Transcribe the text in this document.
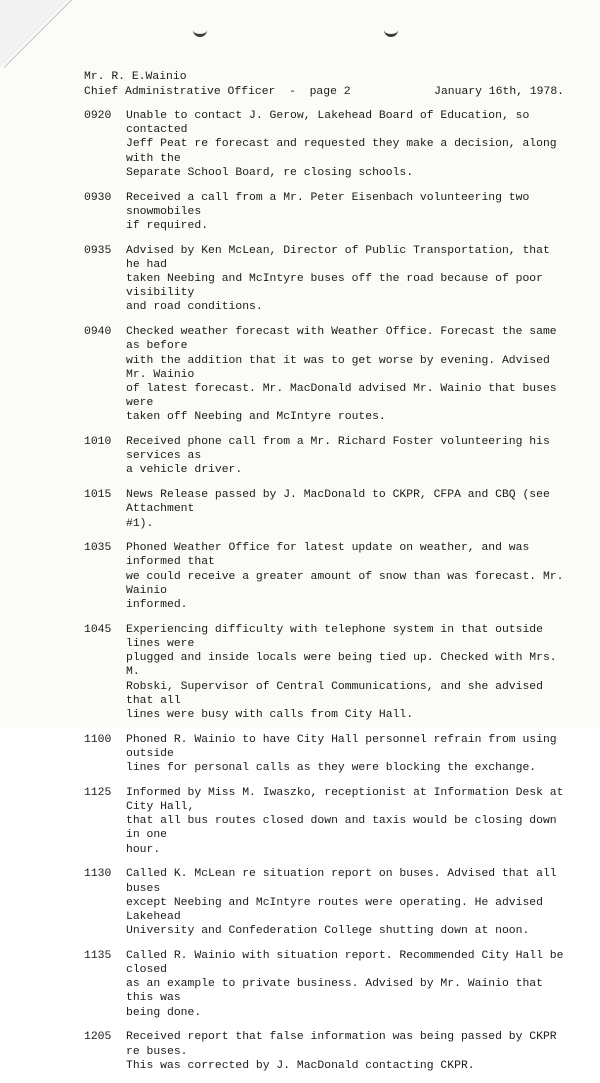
Mr. R. E.Wainio
Chief Administrative Officer  -  page 2	January 16th, 1978.
0920	Unable to contact J. Gerow, Lakehead Board of Education, so contacted
Jeff Peat re forecast and requested they make a decision, along with the
Separate School Board, re closing schools.
0930	Received a call from a Mr. Peter Eisenbach volunteering two snowmobiles
if required.
0935	Advised by Ken McLean, Director of Public Transportation, that he had
taken Neebing and McIntyre buses off the road because of poor visibility
and road conditions.
0940	Checked weather forecast with Weather Office. Forecast the same as before
with the addition that it was to get worse by evening. Advised Mr. Wainio
of latest forecast. Mr. MacDonald advised Mr. Wainio that buses were
taken off Neebing and McIntyre routes.
1010	Received phone call from a Mr. Richard Foster volunteering his services as
a vehicle driver.
1015	News Release passed by J. MacDonald to CKPR, CFPA and CBQ (see Attachment
#1).
1035	Phoned Weather Office for latest update on weather, and was informed that
we could receive a greater amount of snow than was forecast. Mr. Wainio
informed.
1045	Experiencing difficulty with telephone system in that outside lines were
plugged and inside locals were being tied up. Checked with Mrs. M.
Robski, Supervisor of Central Communications, and she advised that all
lines were busy with calls from City Hall.
1100	Phoned R. Wainio to have City Hall personnel refrain from using outside
lines for personal calls as they were blocking the exchange.
1125	Informed by Miss M. Iwaszko, receptionist at Information Desk at City Hall,
that all bus routes closed down and taxis would be closing down in one
hour.
1130	Called K. McLean re situation report on buses. Advised that all buses
except Neebing and McIntyre routes were operating. He advised Lakehead
University and Confederation College shutting down at noon.
1135	Called R. Wainio with situation report. Recommended City Hall be closed
as an example to private business. Advised by Mr. Wainio that this was
being done.
1205	Received report that false information was being passed by CKPR re buses.
This was corrected by J. MacDonald contacting CKPR.
